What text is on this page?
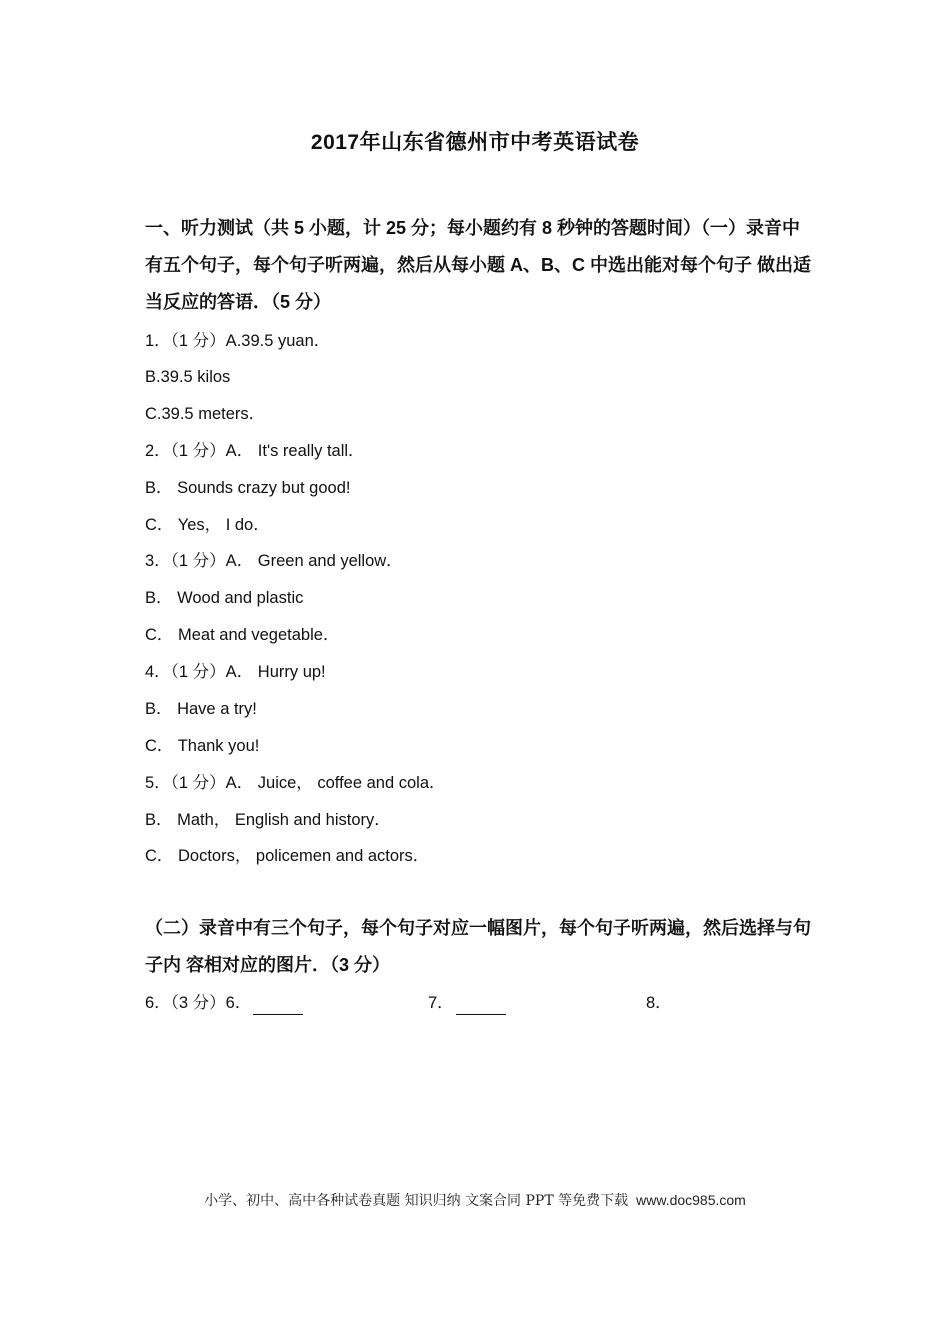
2017年山东省德州市中考英语试卷
一、听力测试（共 5 小题，计 25 分；每小题约有 8 秒钟的答题时间）（一）录音中有五个句子，每个句子听两遍，然后从每小题 A、B、C 中选出能对每个句子 做出适当反应的答语．（5 分）
1．（1 分）A.39.5 yuan．
B.39.5 kilos
C.39.5 meters．
2．（1 分）A． It's really tall．
B． Sounds crazy but good!
C． Yes， I do．
3．（1 分）A． Green and yellow．
B． Wood and plastic
C． Meat and vegetable．
4．（1 分）A． Hurry up!
B． Have a try!
C． Thank you!
5．（1 分）A． Juice， coffee and cola．
B． Math， English and history．
C． Doctors， policemen and actors．
（二）录音中有三个句子，每个句子对应一幅图片，每个句子听两遍，然后选择与句子内 容相对应的图片．（3 分）
6．（3 分）6．	7．	8．
小学、初中、高中各种试卷真题 知识归纳 文案合同 PPT 等免费下载 www.doc985.com
